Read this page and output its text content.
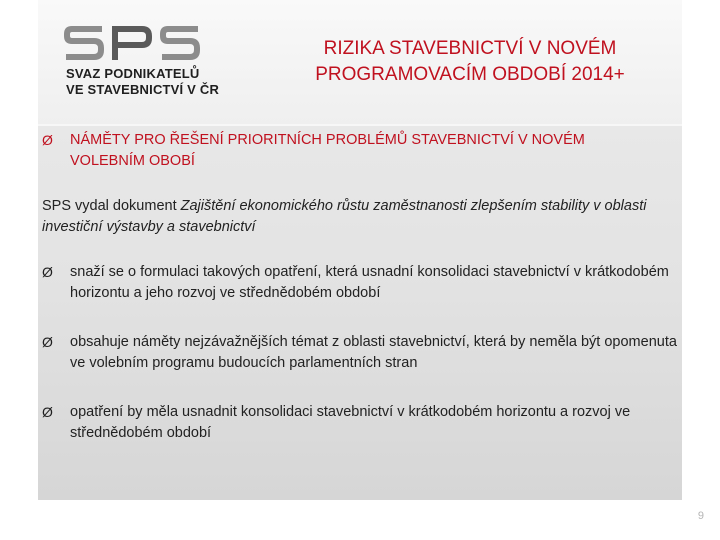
SVAZ PODNIKATELŮ
VE STAVEBNICTVÍ V ČR
RIZIKA STAVEBNICTVÍ V NOVÉM
PROGRAMOVACÍM OBDOBÍ 2014+
Ø NÁMĚTY PRO ŘEŠENÍ PRIORITNÍCH PROBLÉMŮ STAVEBNICTVÍ V NOVÉM
VOLEBNÍM OBOBÍ
SPS vydal dokument Zajištění ekonomického růstu zaměstnanosti zlepšením stability v oblasti investiční výstavby a stavebnictví
Ø snaží se o formulaci takových opatření, která usnadní konsolidaci stavebnictví v krátkodobém horizontu a jeho rozvoj ve střednědobém období
Ø obsahuje náměty nejzávažnějších témat z oblasti stavebnictví, která by neměla být opomenuta ve volebním programu budoucích parlamentních stran
Ø opatření by měla usnadnit konsolidaci stavebnictví v krátkodobém horizontu a rozvoj ve střednědobém období
9
